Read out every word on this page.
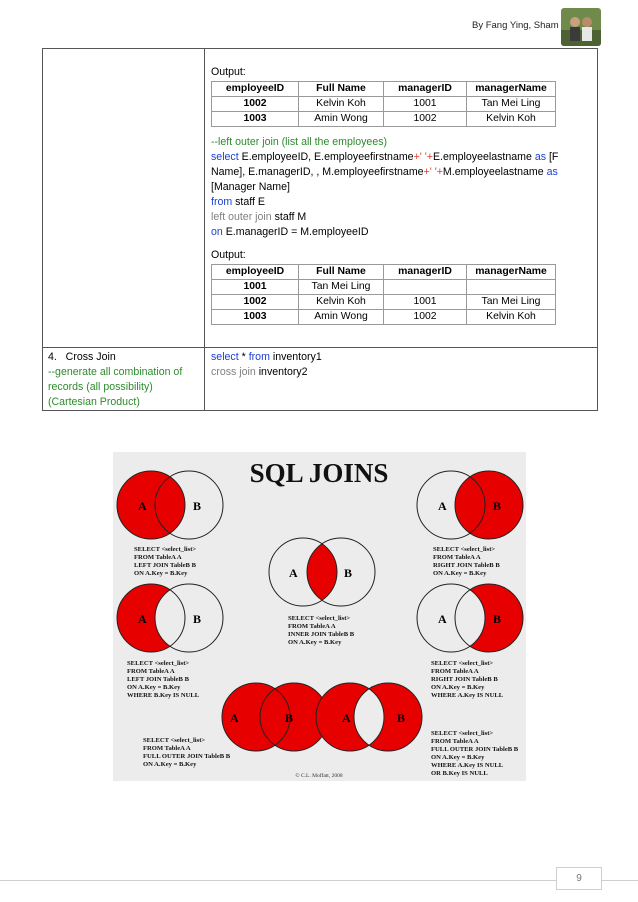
By Fang Ying, Sham

Output:
employeeID	Full Name	managerID	managerName
1002	Kelvin Koh	1001	Tan Mei Ling
1003	Amin Wong	1002	Kelvin Koh
--left outer join (list all the employees)
select E.employeeID, E.employeefirstname+' '+E.employeelastname as [F
Name], E.managerID, , M.employeefirstname+' '+M.employeelastname as
[Manager Name]
from staff E
left outer join staff M
on E.managerID = M.employeeID
Output:
employeeID	Full Name	managerID	managerName
1001	Tan Mei Ling		
1002	Kelvin Koh	1001	Tan Mei Ling
1003	Amin Wong	1002	Kelvin Koh

4.   Cross Join
--generate all combination of
records (all possibility)
(Cartesian Product)

select * from inventory1
cross join inventory2
SQL JOINS
A	B
SELECT <select_list>
FROM TableA A
LEFT JOIN TableB B
ON A.Key = B.Key
A	B
SELECT <select_list>
FROM TableA A
RIGHT JOIN TableB B
ON A.Key = B.Key
A	B
SELECT <select_list>
FROM TableA A
INNER JOIN TableB B
ON A.Key = B.Key
A	B
SELECT <select_list>
FROM TableA A
LEFT JOIN TableB B
ON A.Key = B.Key
WHERE B.Key IS NULL
A	B
SELECT <select_list>
FROM TableA A
RIGHT JOIN TableB B
ON A.Key = B.Key
WHERE A.Key IS NULL
A	B
SELECT <select_list>
FROM TableA A
FULL OUTER JOIN TableB B
ON A.Key = B.Key
A	B
SELECT <select_list>
FROM TableA A
FULL OUTER JOIN TableB B
ON A.Key = B.Key
WHERE A.Key IS NULL
OR B.Key IS NULL
© C.L. Moffatt, 2008
9
